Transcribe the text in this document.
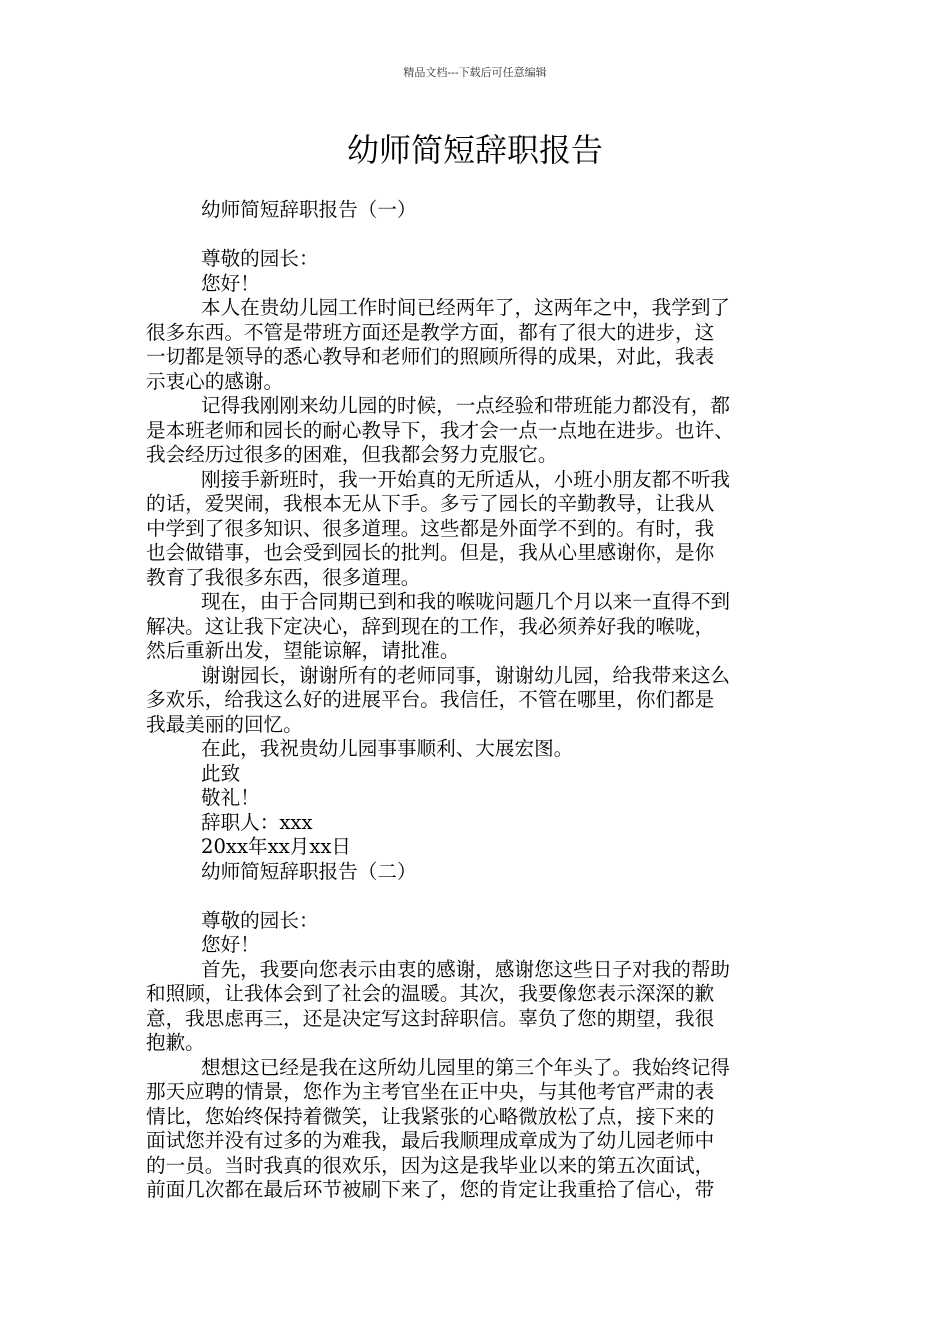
精品文档---下载后可任意编辑
幼师简短辞职报告
幼师简短辞职报告（一）
尊敬的园长：
您好！
本人在贵幼儿园工作时间已经两年了，这两年之中，我学到了
很多东西。不管是带班方面还是教学方面，都有了很大的进步，这
一切都是领导的悉心教导和老师们的照顾所得的成果，对此，我表
示衷心的感谢。
记得我刚刚来幼儿园的时候，一点经验和带班能力都没有，都
是本班老师和园长的耐心教导下，我才会一点一点地在进步。也许、
我会经历过很多的困难，但我都会努力克服它。
刚接手新班时，我一开始真的无所适从，小班小朋友都不听我
的话，爱哭闹，我根本无从下手。多亏了园长的辛勤教导，让我从
中学到了很多知识、很多道理。这些都是外面学不到的。有时，我
也会做错事，也会受到园长的批判。但是，我从心里感谢你，是你
教育了我很多东西，很多道理。
现在，由于合同期已到和我的喉咙问题几个月以来一直得不到
解决。这让我下定决心，辞到现在的工作，我必须养好我的喉咙，
然后重新出发，望能谅解，请批准。
谢谢园长，谢谢所有的老师同事，谢谢幼儿园，给我带来这么
多欢乐，给我这么好的进展平台。我信任，不管在哪里，你们都是
我最美丽的回忆。
在此，我祝贵幼儿园事事顺利、大展宏图。
此致
敬礼！
辞职人：xxx
20xx年xx月xx日
幼师简短辞职报告（二）
尊敬的园长：
您好！
首先，我要向您表示由衷的感谢，感谢您这些日子对我的帮助
和照顾，让我体会到了社会的温暖。其次，我要像您表示深深的歉
意，我思虑再三，还是决定写这封辞职信。辜负了您的期望，我很
抱歉。
想想这已经是我在这所幼儿园里的第三个年头了。我始终记得
那天应聘的情景，您作为主考官坐在正中央，与其他考官严肃的表
情比，您始终保持着微笑，让我紧张的心略微放松了点，接下来的
面试您并没有过多的为难我，最后我顺理成章成为了幼儿园老师中
的一员。当时我真的很欢乐，因为这是我毕业以来的第五次面试，
前面几次都在最后环节被刷下来了，您的肯定让我重拾了信心，带
